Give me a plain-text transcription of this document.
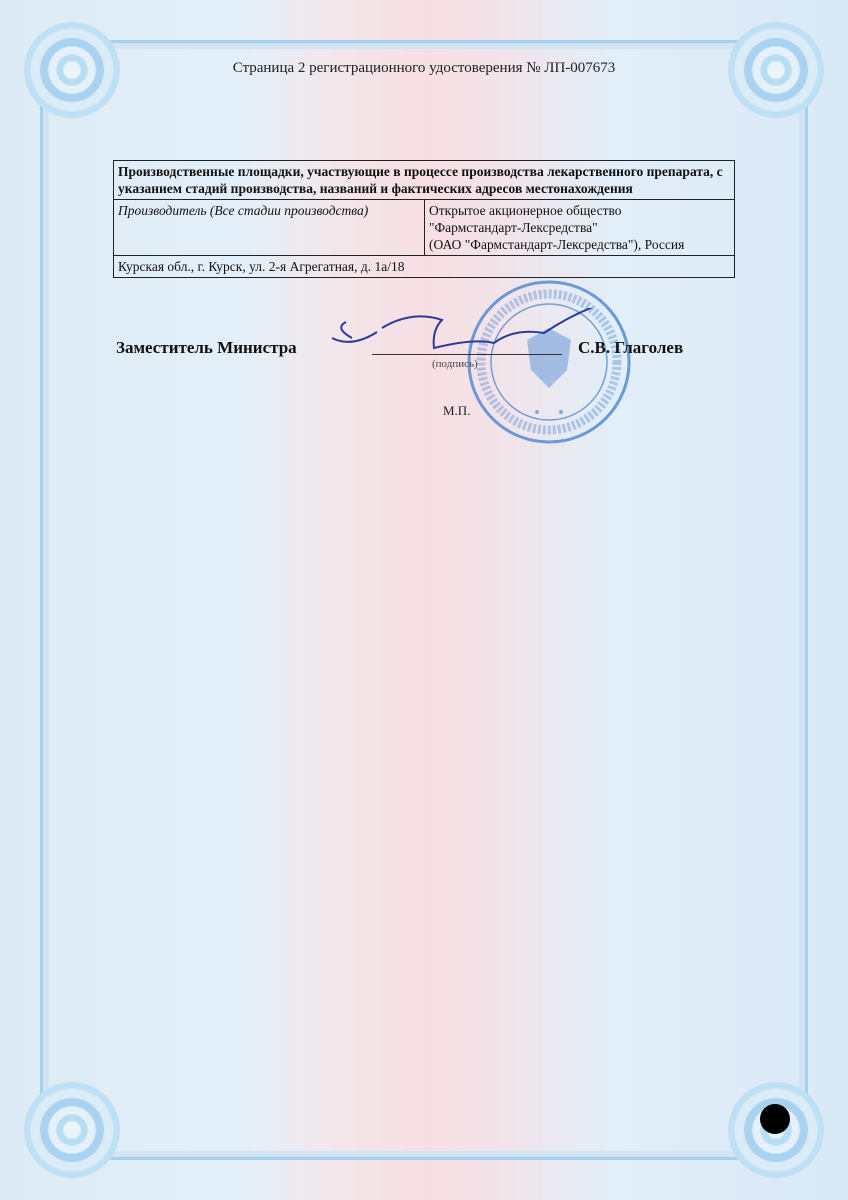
Страница 2 регистрационного удостоверения № ЛП-007673
Производственные площадки, участвующие в процессе производства лекарственного препарата, с указанием стадий производства, названий и фактических адресов местонахождения
Производитель (Все стадии производства)	Открытое акционерное общество
"Фармстандарт-Лексредства"
(ОАО "Фармстандарт-Лексредства"), Россия

Курская обл., г. Курск, ул. 2-я Агрегатная, д. 1а/18
Заместитель Министра
(подпись)
С.В. Глаголев
М.П.
